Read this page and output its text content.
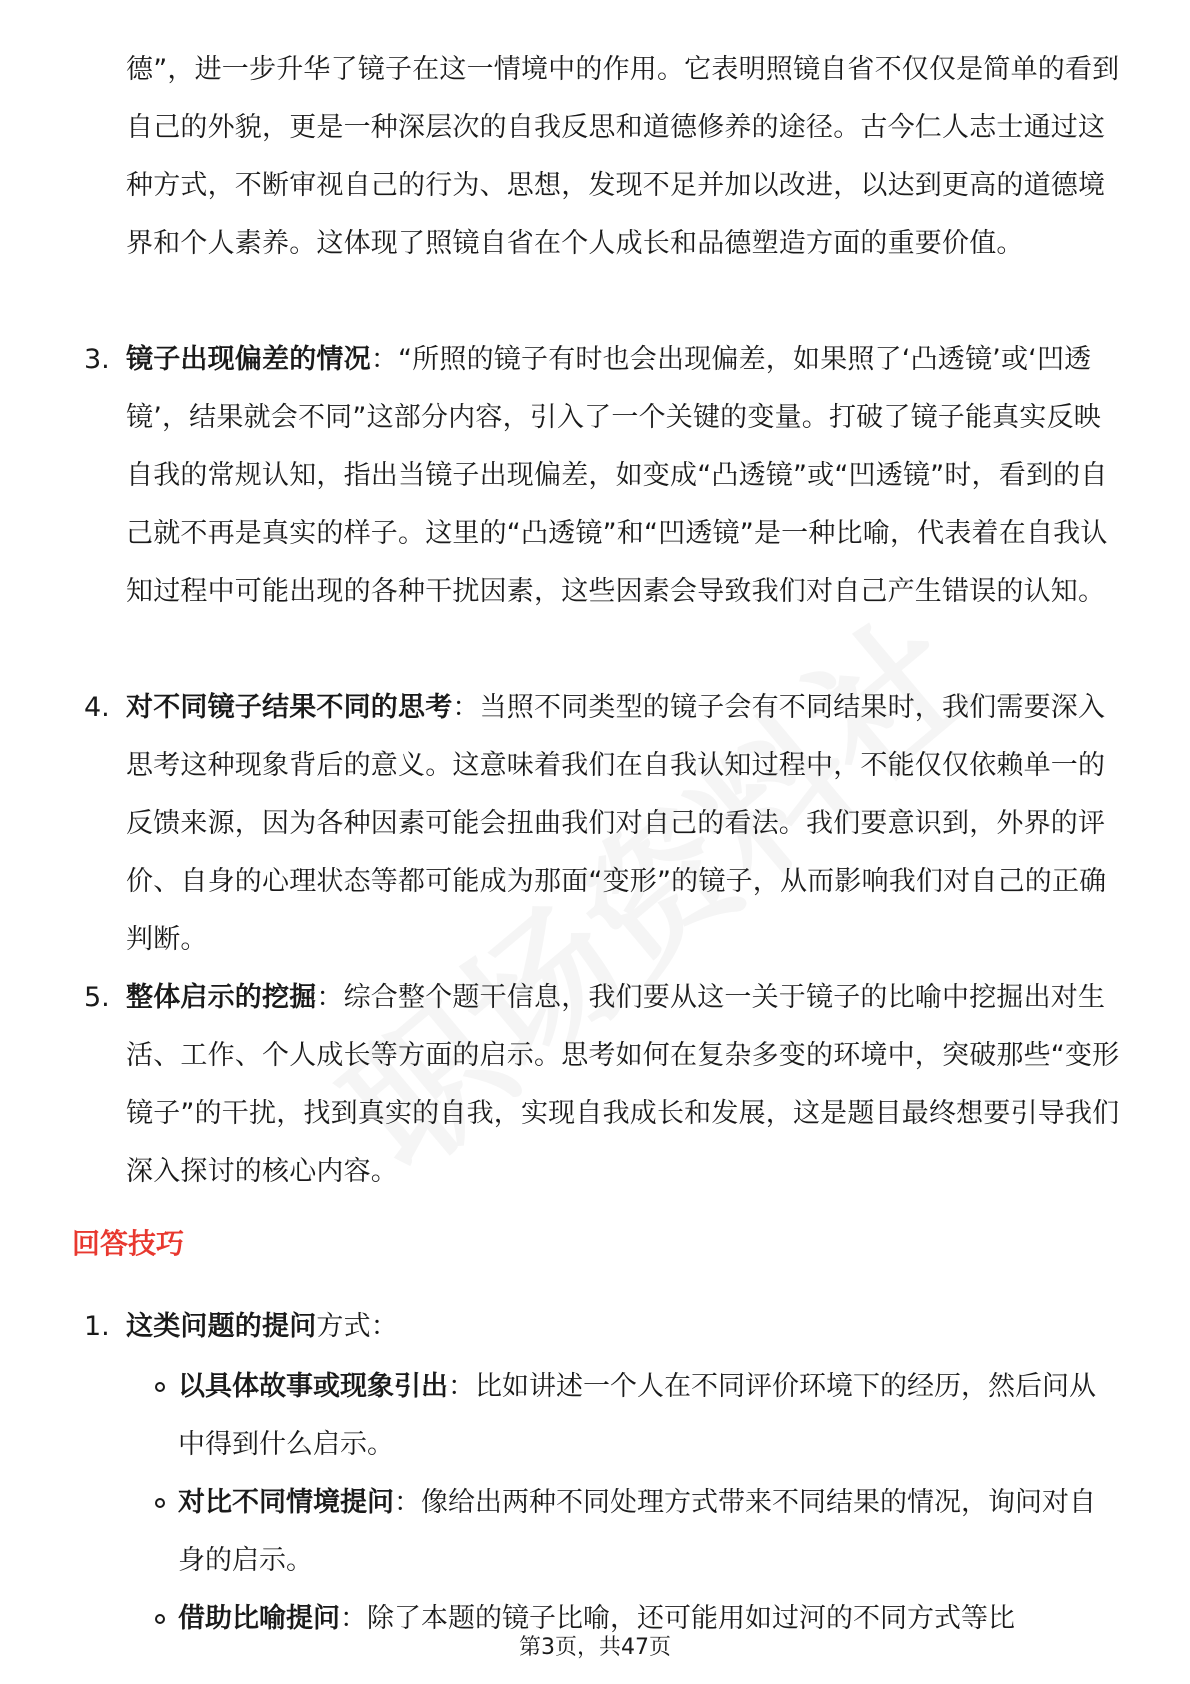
德”，进一步升华了镜子在这一情境中的作用。它表明照镜自省不仅仅是简单的看到自己的外貌，更是一种深层次的自我反思和道德修养的途径。古今仁人志士通过这种方式，不断审视自己的行为、思想，发现不足并加以改进，以达到更高的道德境界和个人素养。这体现了照镜自省在个人成长和品德塑造方面的重要价值。
3. 镜子出现偏差的情况：“所照的镜子有时也会出现偏差，如果照了‘凸透镜’或‘凹透镜’，结果就会不同”这部分内容，引入了一个关键的变量。打破了镜子能真实反映自我的常规认知，指出当镜子出现偏差，如变成“凸透镜”或“凹透镜”时，看到的自己就不再是真实的样子。这里的“凸透镜”和“凹透镜”是一种比喻，代表着在自我认知过程中可能出现的各种干扰因素，这些因素会导致我们对自己产生错误的认知。
4. 对不同镜子结果不同的思考：当照不同类型的镜子会有不同结果时，我们需要深入思考这种现象背后的意义。这意味着我们在自我认知过程中，不能仅仅依赖单一的反馈来源，因为各种因素可能会扭曲我们对自己的看法。我们要意识到，外界的评价、自身的心理状态等都可能成为那面“变形”的镜子，从而影响我们对自己的正确判断。
5. 整体启示的挖掘：综合整个题干信息，我们要从这一关于镜子的比喻中挖掘出对生活、工作、个人成长等方面的启示。思考如何在复杂多变的环境中，突破那些“变形镜子”的干扰，找到真实的自我，实现自我成长和发展，这是题目最终想要引导我们深入探讨的核心内容。
回答技巧
1. 这类问题的提问方式：
以具体故事或现象引出：比如讲述一个人在不同评价环境下的经历，然后问从中得到什么启示。
对比不同情境提问：像给出两种不同处理方式带来不同结果的情况，询问对自身的启示。
借助比喻提问：除了本题的镜子比喻，还可能用如过河的不同方式等比
第3页，共47页
